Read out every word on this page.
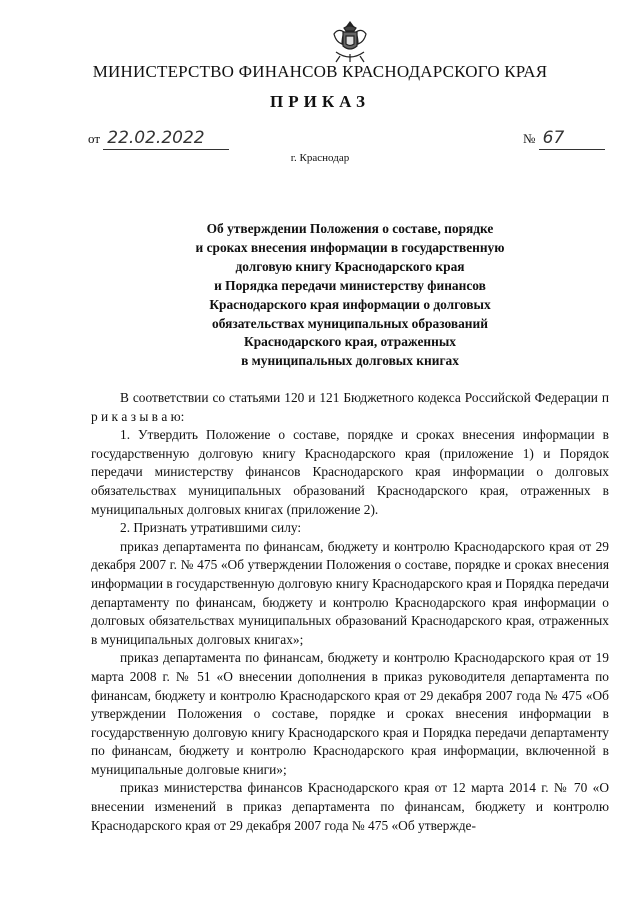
МИНИСТЕРСТВО ФИНАНСОВ КРАСНОДАРСКОГО КРАЯ
ПРИКАЗ
от 22.02.2022	№ 67
г. Краснодар
Об утверждении Положения о составе, порядке
и сроках внесения информации в государственную
долговую книгу Краснодарского края
и Порядка передачи министерству финансов
Краснодарского края информации о долговых
обязательствах муниципальных образований
Краснодарского края, отраженных
в муниципальных долговых книгах

В соответствии со статьями 120 и 121 Бюджетного кодекса Российской Федерации п р и к а з ы в а ю:

1. Утвердить Положение о составе, порядке и сроках внесения информации в государственную долговую книгу Краснодарского края (приложение 1) и Порядок передачи министерству финансов Краснодарского края информации о долговых обязательствах муниципальных образований Краснодарского края, отраженных в муниципальных долговых книгах (приложение 2).

2. Признать утратившими силу:

приказ департамента по финансам, бюджету и контролю Краснодарского края от 29 декабря 2007 г. № 475 «Об утверждении Положения о составе, порядке и сроках внесения информации в государственную долговую книгу Краснодарского края и Порядка передачи департаменту по финансам, бюджету и контролю Краснодарского края информации о долговых обязательствах муниципальных образований Краснодарского края, отраженных в муниципальных долговых книгах»;

приказ департамента по финансам, бюджету и контролю Краснодарского края от 19 марта 2008 г. № 51 «О внесении дополнения в приказ руководителя департамента по финансам, бюджету и контролю Краснодарского края от 29 декабря 2007 года № 475 «Об утверждении Положения о составе, порядке и сроках внесения информации в государственную долговую книгу Краснодарского края и Порядка передачи департаменту по финансам, бюджету и контролю Краснодарского края информации, включенной в муниципальные долговые книги»;

приказ министерства финансов Краснодарского края от 12 марта 2014 г. № 70 «О внесении изменений в приказ департамента по финансам, бюджету и контролю Краснодарского края от 29 декабря 2007 года № 475 «Об утвержде-
